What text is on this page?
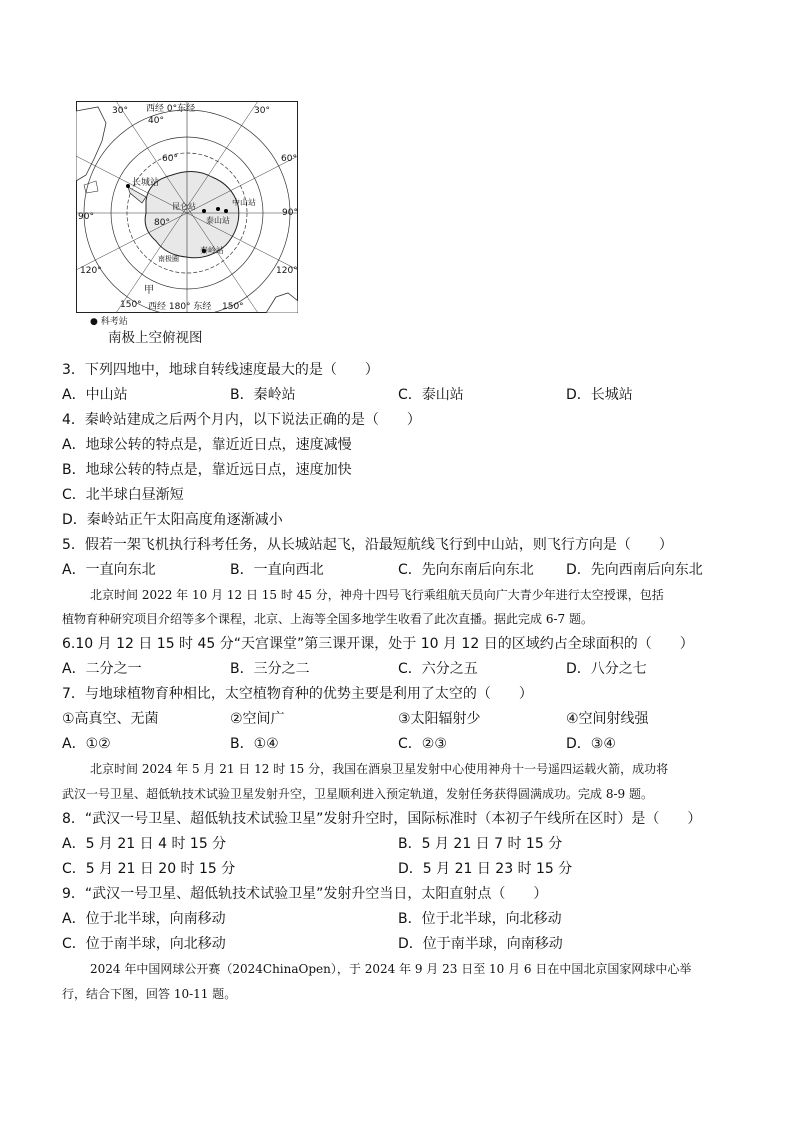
30° 西经 0°东经
40°
30°
60°	60°
90°	90°
80°
120°	120°
150°	150°
西经 180° 东经
甲
长城站
昆仑站	中山站
泰山站
秦岭站
南极圈
● 科考站
南极上空俯视图
3．下列四地中，地球自转线速度最大的是（　　）
A．中山站	B．秦岭站	C．泰山站	D．长城站
4．秦岭站建成之后两个月内，以下说法正确的是（　　）
A．地球公转的特点是，靠近近日点，速度减慢
B．地球公转的特点是，靠近远日点，速度加快
C．北半球白昼渐短
D．秦岭站正午太阳高度角逐渐减小
5．假若一架飞机执行科考任务，从长城站起飞，沿最短航线飞行到中山站，则飞行方向是（　　）
A．一直向东北	B．一直向西北	C．先向东南后向东北 D．先向西南后向东北
北京时间 2022 年 10 月 12 日 15 时 45 分，神舟十四号飞行乘组航天员向广大青少年进行太空授课，包括
植物育种研究项目介绍等多个课程，北京、上海等全国多地学生收看了此次直播。据此完成 6-7 题。
6.10 月 12 日 15 时 45 分“天宫课堂”第三课开课，处于 10 月 12 日的区域约占全球面积的（　　）
A．二分之一	B．三分之二	C．六分之五	D．八分之七
7．与地球植物育种相比，太空植物育种的优势主要是利用了太空的（　　）
①高真空、无菌	②空间广	③太阳辐射少	④空间射线强
A．①②	B．①④	C．②③	D．③④
北京时间 2024 年 5 月 21 日 12 时 15 分，我国在酒泉卫星发射中心使用神舟十一号遥四运载火箭，成功将
武汉一号卫星、超低轨技术试验卫星发射升空，卫星顺利进入预定轨道，发射任务获得圆满成功。完成 8-9 题。
8．“武汉一号卫星、超低轨技术试验卫星”发射升空时，国际标准时（本初子午线所在区时）是（　　）
A．5 月 21 日 4 时 15 分	B．5 月 21 日 7 时 15 分
C．5 月 21 日 20 时 15 分	D．5 月 21 日 23 时 15 分
9．“武汉一号卫星、超低轨技术试验卫星”发射升空当日，太阳直射点（　　）
A．位于北半球，向南移动	B．位于北半球，向北移动
C．位于南半球，向北移动	D．位于南半球，向南移动
2024 年中国网球公开赛（2024ChinaOpen），于 2024 年 9 月 23 日至 10 月 6 日在中国北京国家网球中心举
行，结合下图，回答 10-11 题。
